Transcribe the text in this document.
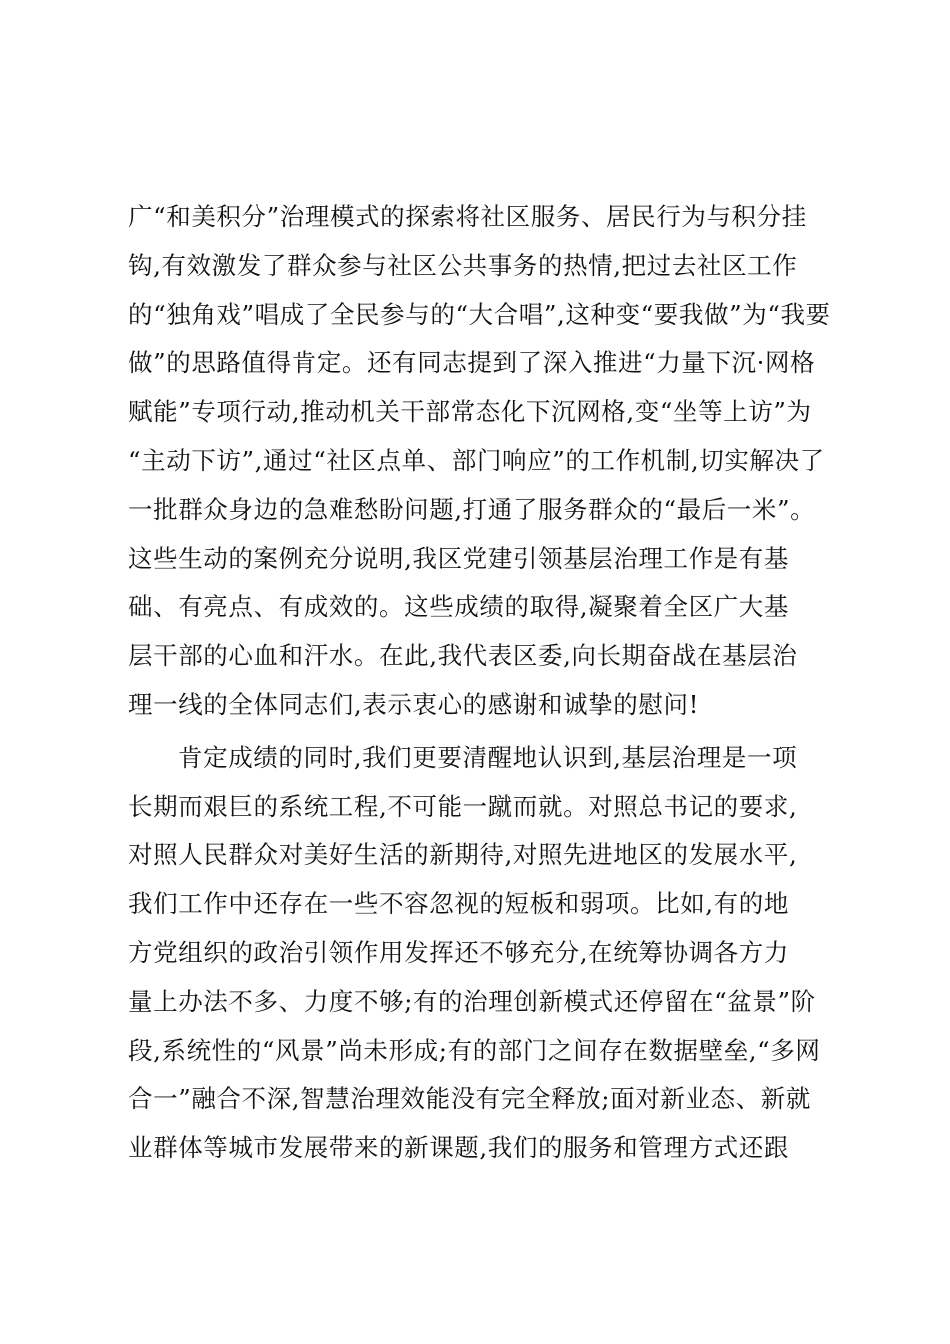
广“和美积分”治理模式的探索将社区服务、居民行为与积分挂
钩,有效激发了群众参与社区公共事务的热情,把过去社区工作
的“独角戏”唱成了全民参与的“大合唱”,这种变“要我做”为“我要
做”的思路值得肯定。还有同志提到了深入推进“力量下沉·网格
赋能”专项行动,推动机关干部常态化下沉网格,变“坐等上访”为
“主动下访”,通过“社区点单、部门响应”的工作机制,切实解决了
一批群众身边的急难愁盼问题,打通了服务群众的“最后一米”。
这些生动的案例充分说明,我区党建引领基层治理工作是有基
础、有亮点、有成效的。这些成绩的取得,凝聚着全区广大基
层干部的心血和汗水。在此,我代表区委,向长期奋战在基层治
理一线的全体同志们,表示衷心的感谢和诚挚的慰问!
肯定成绩的同时,我们更要清醒地认识到,基层治理是一项
长期而艰巨的系统工程,不可能一蹴而就。对照总书记的要求,
对照人民群众对美好生活的新期待,对照先进地区的发展水平,
我们工作中还存在一些不容忽视的短板和弱项。比如,有的地
方党组织的政治引领作用发挥还不够充分,在统筹协调各方力
量上办法不多、力度不够;有的治理创新模式还停留在“盆景”阶
段,系统性的“风景”尚未形成;有的部门之间存在数据壁垒,“多网
合一”融合不深,智慧治理效能没有完全释放;面对新业态、新就
业群体等城市发展带来的新课题,我们的服务和管理方式还跟
